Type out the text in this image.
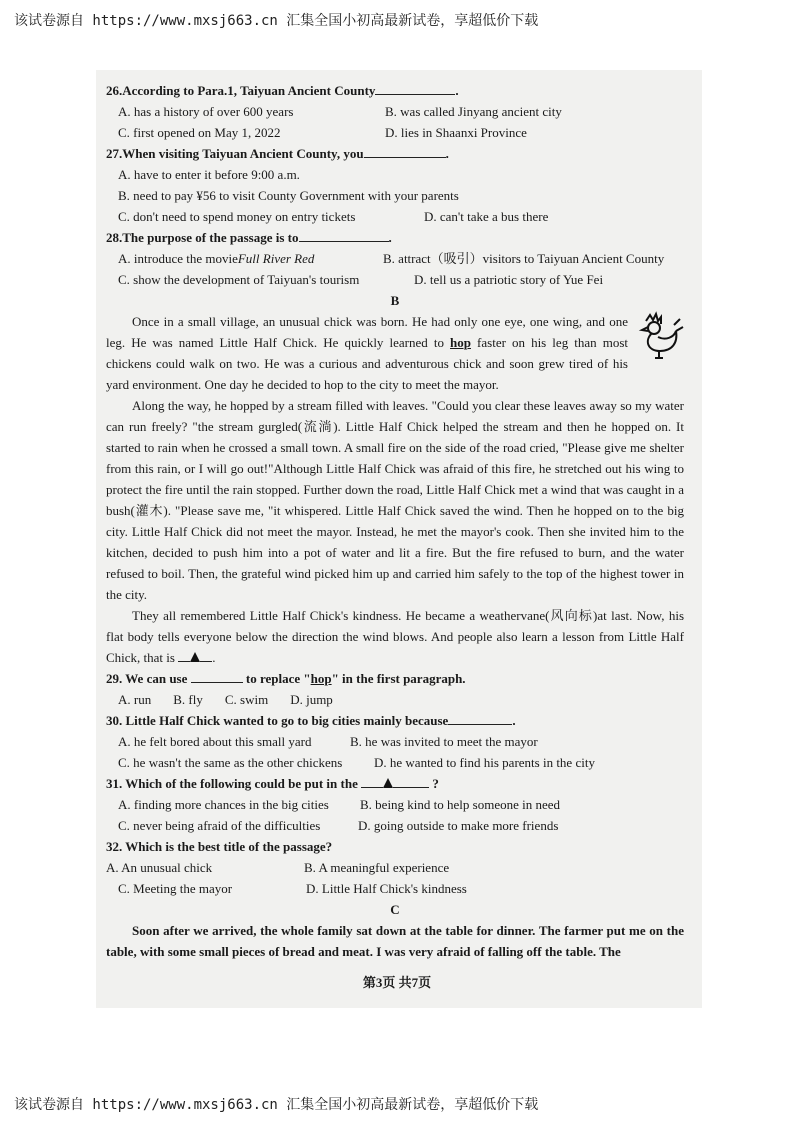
该试卷源自 https://www.mxsj663.cn 汇集全国小初高最新试卷，享超低价下载
26.According to Para.1, Taiyuan Ancient County	.
A. has a history of over 600 years	B. was called Jinyang ancient city
C. first opened on May 1, 2022	D. lies in Shaanxi Province
27.When visiting Taiyuan Ancient County, you	.
A. have to enter it before 9:00 a.m.
B. need to pay ¥56 to visit County Government with your parents
C. don't need to spend money on entry tickets	D. can't take a bus there
28.The purpose of the passage is to	.
A. introduce the movieFull River Red	B. attract（吸引）visitors to Taiyuan Ancient County
C. show the development of Taiyuan's tourism	D. tell us a patriotic story of Yue Fei
B

Once in a small village, an unusual chick was born. He had only one eye, one wing, and one leg. He was named Little Half Chick. He quickly learned to hop faster on his leg than most chickens could walk on two. He was a curious and adventurous chick and soon grew tired of his yard environment. One day he decided to hop to the city to meet the mayor.

Along the way, he hopped by a stream filled with leaves. "Could you clear these leaves away so my water can run freely? "the stream gurgled(流淌). Little Half Chick helped the stream and then he hopped on. It started to rain when he crossed a small town. A small fire on the side of the road cried, "Please give me shelter from this rain, or I will go out!"Although Little Half Chick was afraid of this fire, he stretched out his wing to protect the fire until the rain stopped. Further down the road, Little Half Chick met a wind that was caught in a bush(灌木). "Please save me, "it whispered. Little Half Chick saved the wind. Then he hopped on to the big city. Little Half Chick did not meet the mayor. Instead, he met the mayor's cook. Then she invited him to the kitchen, decided to push him into a pot of water and lit a fire. But the fire refused to burn, and the water refused to boil. Then, the grateful wind picked him up and carried him safely to the top of the highest tower in the city.

They all remembered Little Half Chick's kindness. He became a weathervane(风向标)at last. Now, his flat body tells everyone below the direction the wind blows. And people also learn a lesson from Little Half Chick, that is	.

29. We can use	to replace "hop" in the first paragraph.
A. run B. fly C. swim D. jump
30. Little Half Chick wanted to go to big cities mainly because	.
A. he felt bored about this small yard	B. he was invited to meet the mayor
C. he wasn't the same as the other chickens	D. he wanted to find his parents in the city
31. Which of the following could be put in the	?
A. finding more chances in the big cities	B. being kind to help someone in need
C. never being afraid of the difficulties	D. going outside to make more friends
32. Which is the best title of the passage?
A. An unusual chick	B. A meaningful experience
C. Meeting the mayor	D. Little Half Chick's kindness
C

Soon after we arrived, the whole family sat down at the table for dinner. The farmer put me on the table, with some small pieces of bread and meat. I was very afraid of falling off the table. The

第3页 共7页
该试卷源自 https://www.mxsj663.cn 汇集全国小初高最新试卷，享超低价下载
